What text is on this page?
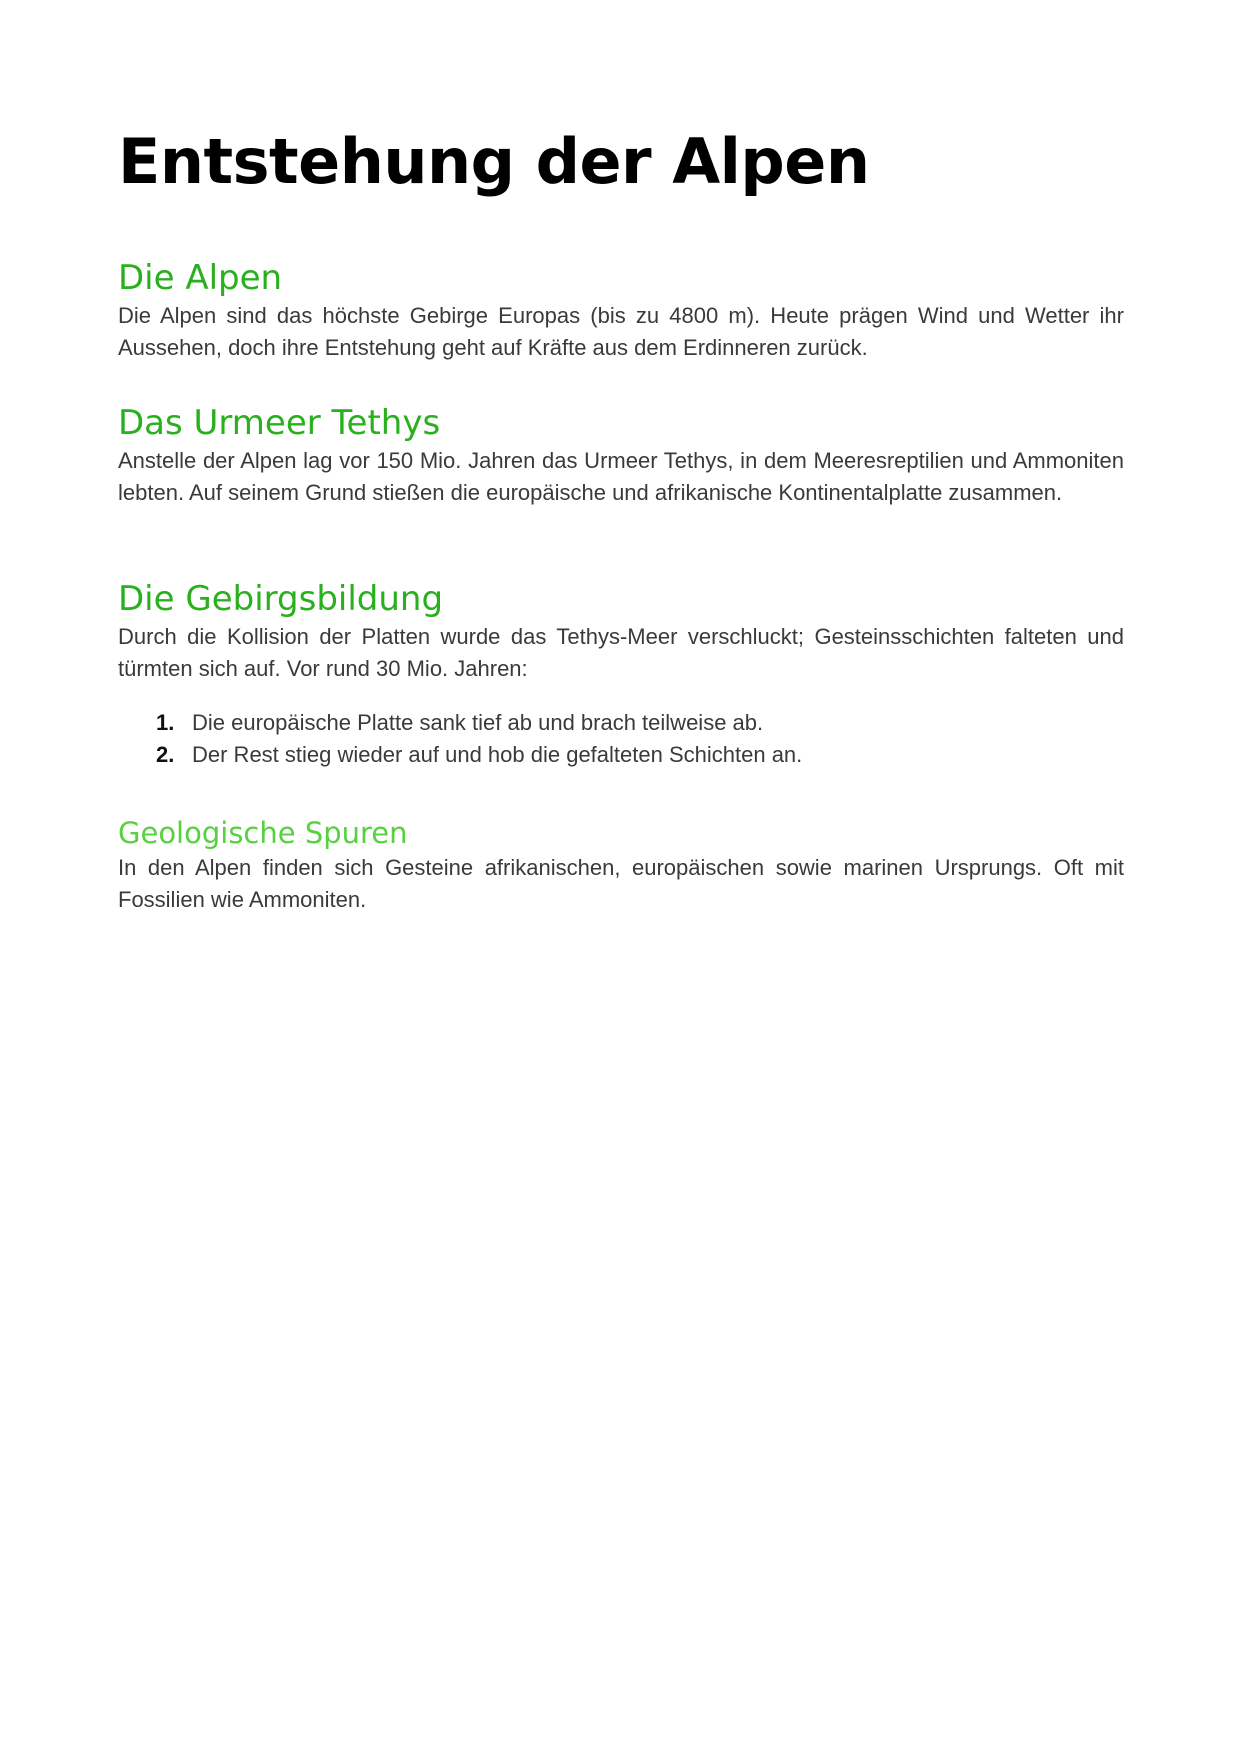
Entstehung der Alpen
Die Alpen

Die Alpen sind das höchste Gebirge Europas (bis zu 4800 m). Heute prägen Wind und Wetter ihr Aussehen, doch ihre Entstehung geht auf Kräfte aus dem Erdinneren zurück.

Das Urmeer Tethys

Anstelle der Alpen lag vor 150 Mio. Jahren das Urmeer Tethys, in dem Meeresreptilien und Ammoniten lebten. Auf seinem Grund stießen die europäische und afrikanische Kontinentalplatte zusammen.

Die Gebirgsbildung

Durch die Kollision der Platten wurde das Tethys-Meer verschluckt; Gesteinsschichten falteten und türmten sich auf. Vor rund 30 Mio. Jahren:

1. Die europäische Platte sank tief ab und brach teilweise ab.
2. Der Rest stieg wieder auf und hob die gefalteten Schichten an.
Geologische Spuren

In den Alpen finden sich Gesteine afrikanischen, europäischen sowie marinen Ursprungs. Oft mit Fossilien wie Ammoniten.
